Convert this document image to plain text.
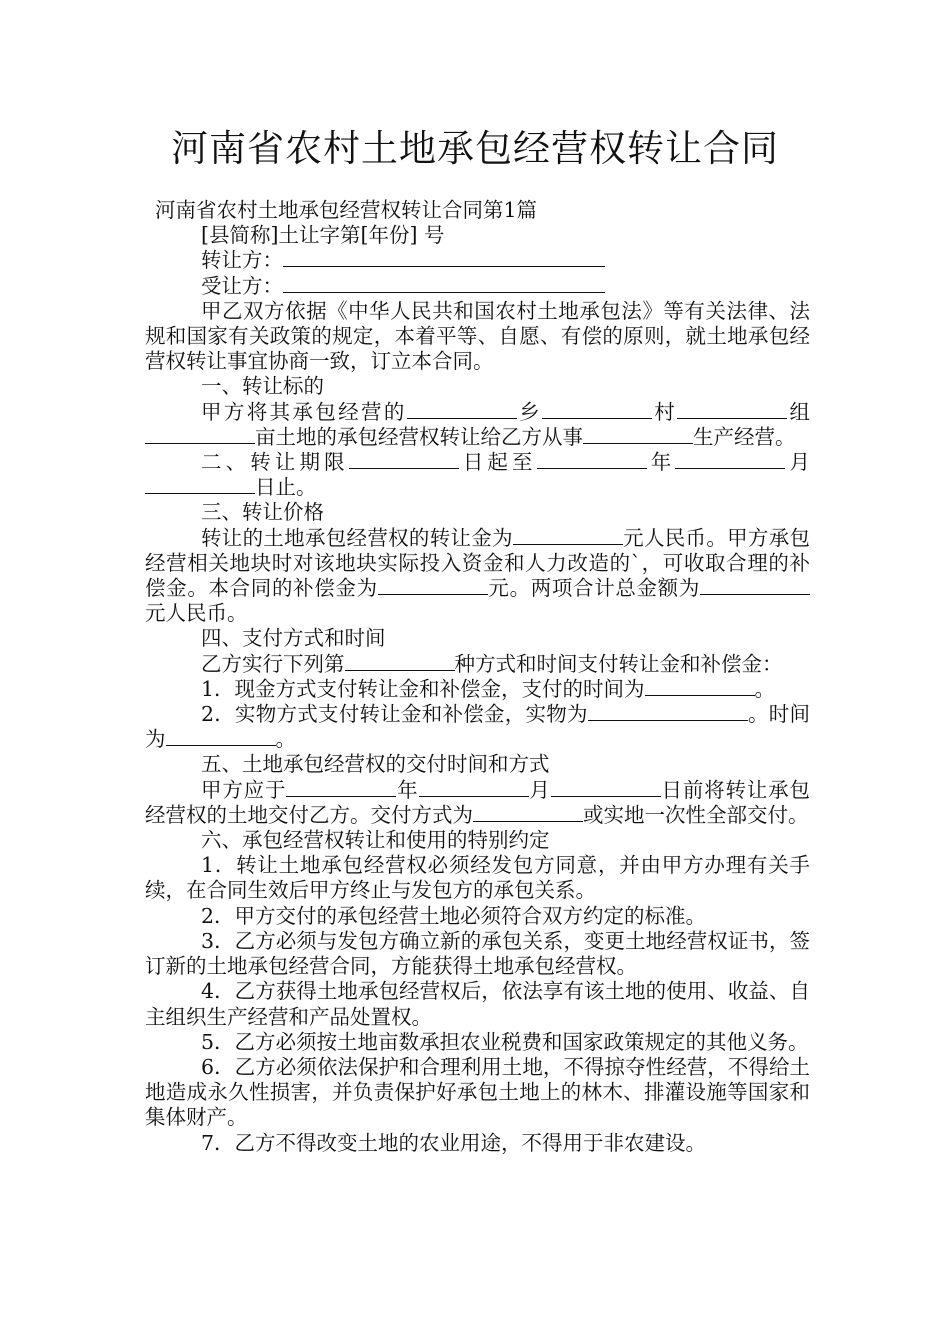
河南省农村土地承包经营权转让合同

河南省农村土地承包经营权转让合同第1篇

[县简称]土让字第[年份] 号

转让方：

受让方：

甲乙双方依据《中华人民共和国农村土地承包法》等有关法律、法规和国家有关政策的规定，本着平等、自愿、有偿的原则，就土地承包经营权转让事宜协商一致，订立本合同。

一、转让标的

甲方将其承包经营的	乡	村	组亩土地的承包经营权转让给乙方从事	生产经营。

二、转让期限	日起至	年	月日止。

三、转让价格

转让的土地承包经营权的转让金为	元人民币。甲方承包经营相关地块时对该地块实际投入资金和人力改造的`，可收取合理的补偿金。本合同的补偿金为	元。两项合计总金额为元人民币。

四、支付方式和时间

乙方实行下列第	种方式和时间支付转让金和补偿金：

1．现金方式支付转让金和补偿金，支付的时间为	。

2．实物方式支付转让金和补偿金，实物为	。时间为	。

五、土地承包经营权的交付时间和方式

甲方应于	年	月	日前将转让承包经营权的土地交付乙方。交付方式为	或实地一次性全部交付。

六、承包经营权转让和使用的特别约定

1．转让土地承包经营权必须经发包方同意，并由甲方办理有关手续，在合同生效后甲方终止与发包方的承包关系。

2．甲方交付的承包经营土地必须符合双方约定的标准。

3．乙方必须与发包方确立新的承包关系，变更土地经营权证书，签订新的土地承包经营合同，方能获得土地承包经营权。

4．乙方获得土地承包经营权后，依法享有该土地的使用、收益、自主组织生产经营和产品处置权。

5．乙方必须按土地亩数承担农业税费和国家政策规定的其他义务。

6．乙方必须依法保护和合理利用土地，不得掠夺性经营，不得给土地造成永久性损害，并负责保护好承包土地上的林木、排灌设施等国家和集体财产。

7．乙方不得改变土地的农业用途，不得用于非农建设。
